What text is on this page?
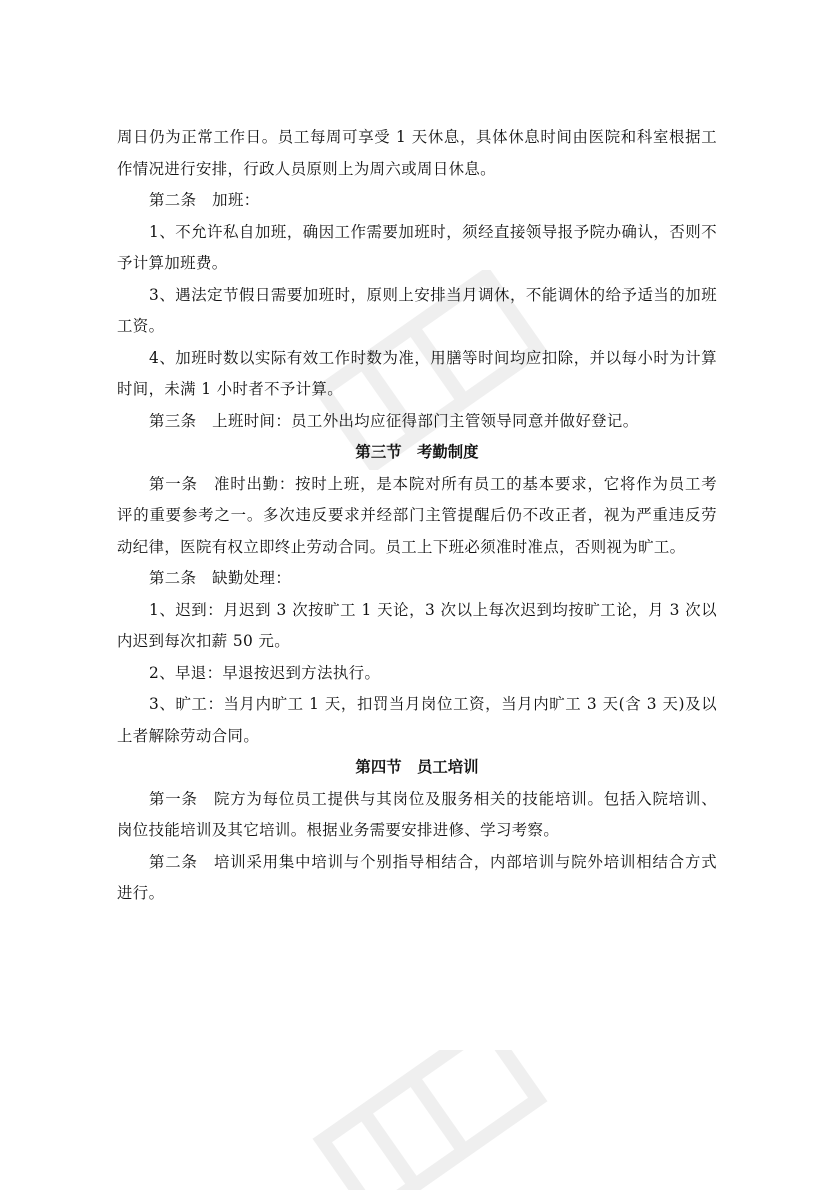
周日仍为正常工作日。员工每周可享受 1 天休息，具体休息时间由医院和科室根据工作情况进行安排，行政人员原则上为周六或周日休息。

第二条　加班：

1、不允许私自加班，确因工作需要加班时，须经直接领导报予院办确认，否则不予计算加班费。

3、遇法定节假日需要加班时，原则上安排当月调休，不能调休的给予适当的加班工资。

4、加班时数以实际有效工作时数为准，用膳等时间均应扣除，并以每小时为计算时间，未满 1 小时者不予计算。

第三条　上班时间：员工外出均应征得部门主管领导同意并做好登记。

第三节　考勤制度

第一条　准时出勤：按时上班，是本院对所有员工的基本要求，它将作为员工考评的重要参考之一。多次违反要求并经部门主管提醒后仍不改正者，视为严重违反劳动纪律，医院有权立即终止劳动合同。员工上下班必须准时准点，否则视为旷工。

第二条　缺勤处理：

1、迟到：月迟到 3 次按旷工 1 天论，3 次以上每次迟到均按旷工论，月 3 次以内迟到每次扣薪 50 元。

2、早退：早退按迟到方法执行。

3、旷工：当月内旷工 1 天，扣罚当月岗位工资，当月内旷工 3 天(含 3 天)及以上者解除劳动合同。

第四节　员工培训

第一条　院方为每位员工提供与其岗位及服务相关的技能培训。包括入院培训、岗位技能培训及其它培训。根据业务需要安排进修、学习考察。

第二条　培训采用集中培训与个别指导相结合，内部培训与院外培训相结合方式进行。
